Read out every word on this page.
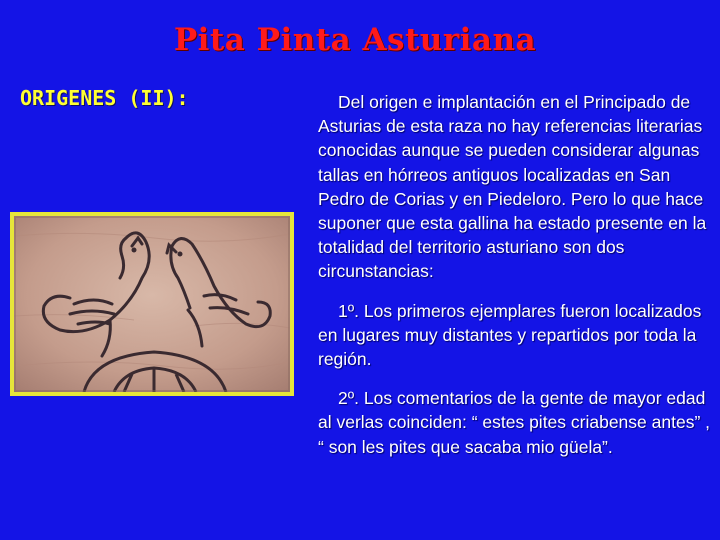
Pita Pinta Asturiana
ORIGENES (II):	Del origen e implantación en el Principado de Asturias de esta raza no hay referencias literarias conocidas aunque se pueden considerar algunas tallas en hórreos antiguos localizadas en San Pedro de Corias y en Piedeloro. Pero lo que hace suponer que esta gallina ha estado presente en la totalidad del territorio asturiano son dos circunstancias:

1º. Los primeros ejemplares fueron localizados en lugares muy distantes y repartidos por toda la región.

2º. Los comentarios de la gente de mayor edad al verlas coinciden: “ estes pites criabense antes” , “ son les pites que sacaba mio güela”.
